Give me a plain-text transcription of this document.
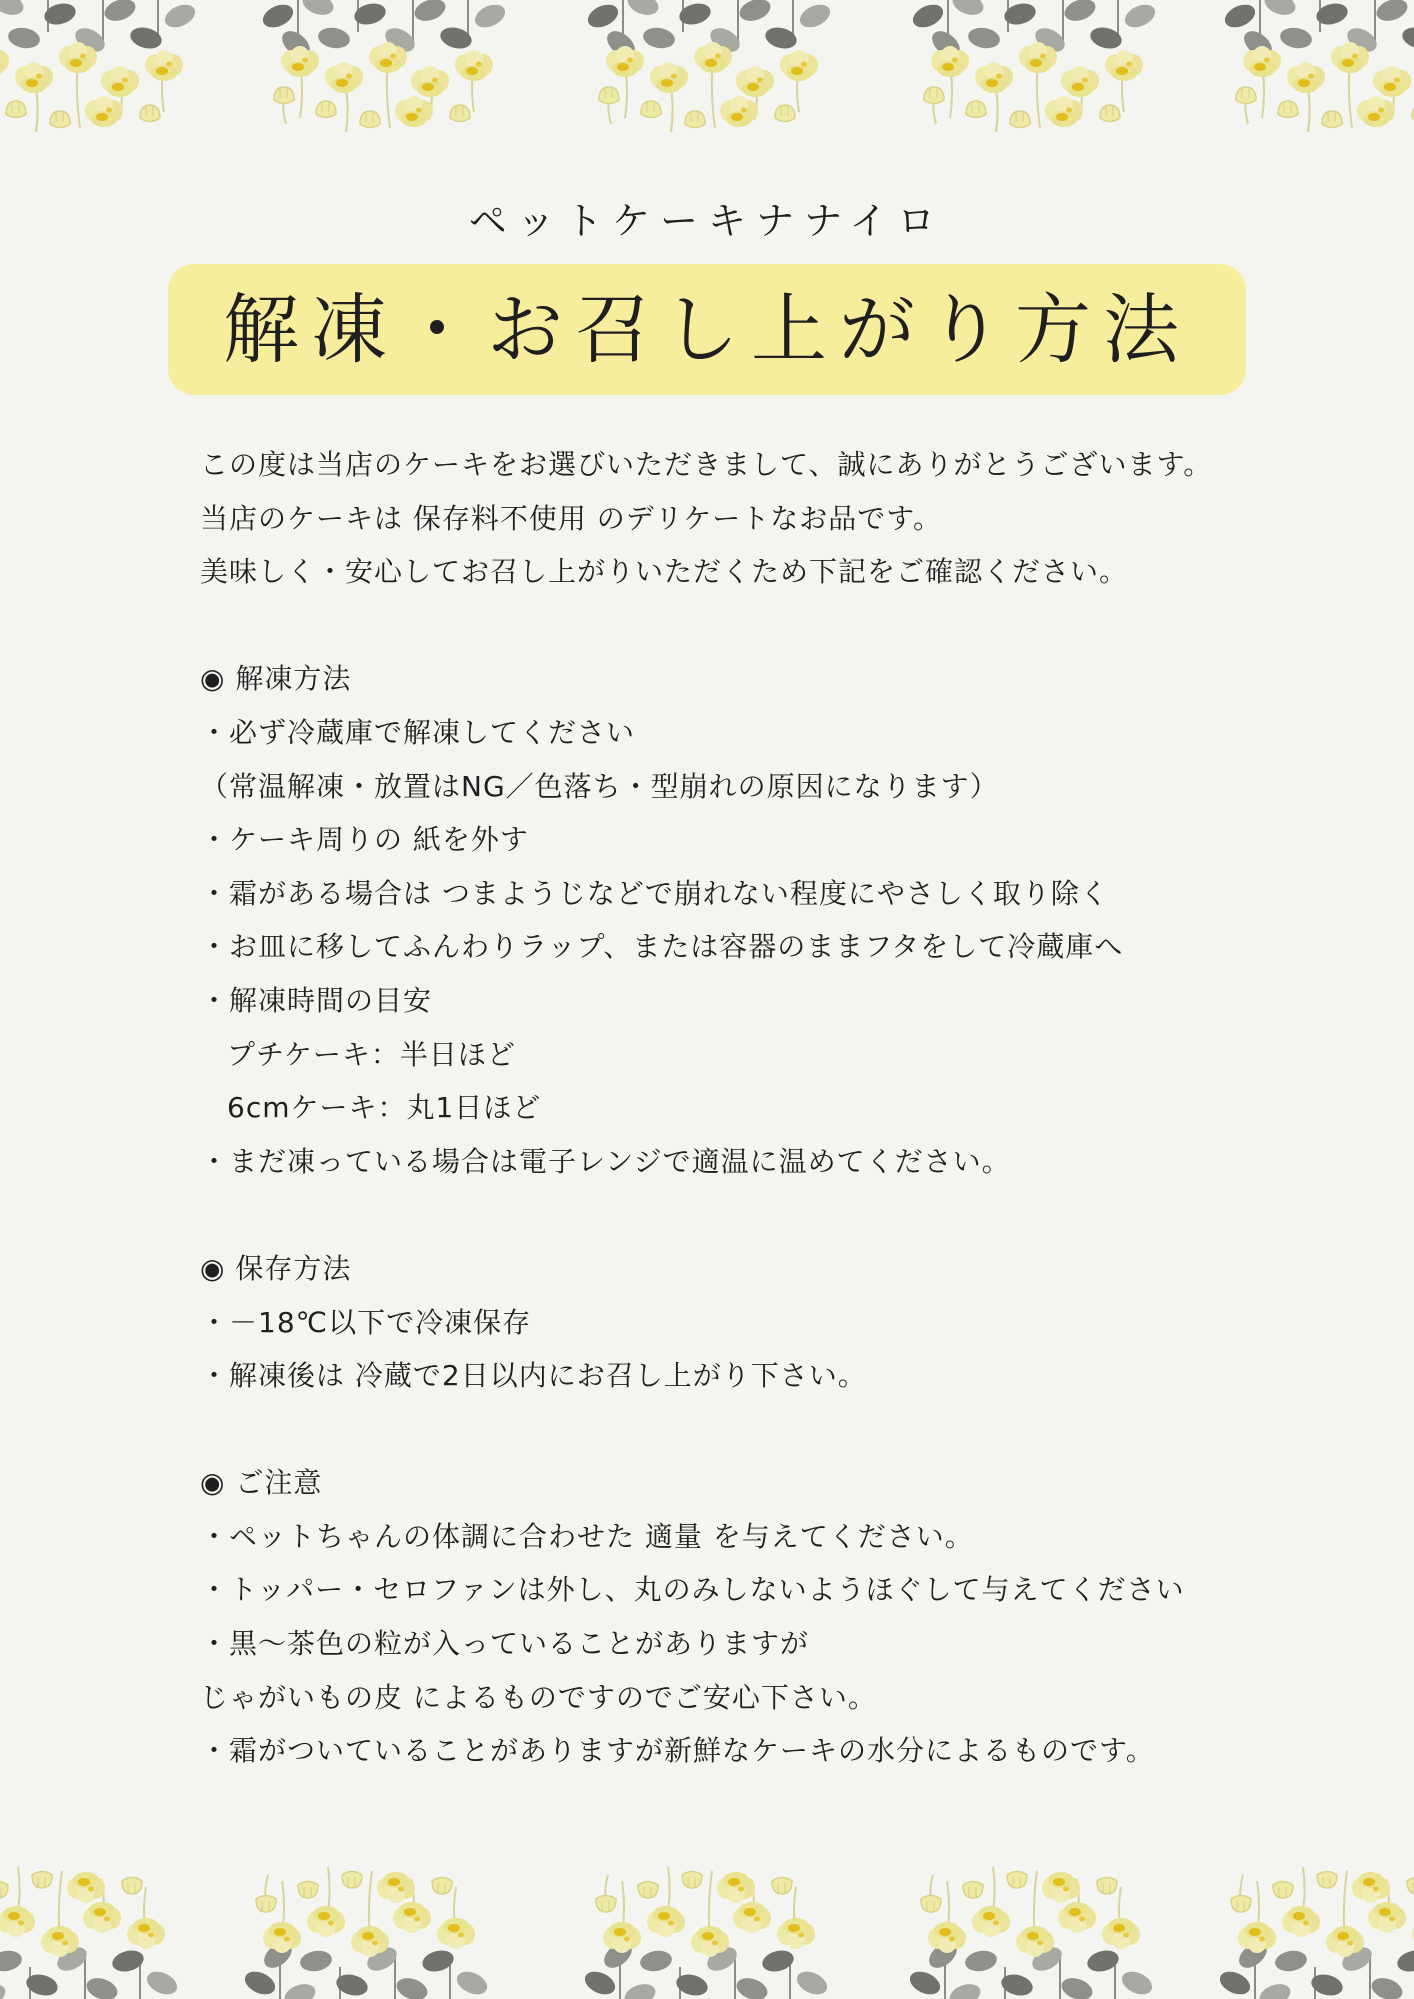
ペットケーキナナイロ

解凍・お召し上がり方法

この度は当店のケーキをお選びいただきまして、誠にありがとうございます。

当店のケーキは 保存料不使用 のデリケートなお品です。

美味しく・安心してお召し上がりいただくため下記をご確認ください。

◉ 解凍方法

・必ず冷蔵庫で解凍してください

（常温解凍・放置はNG／色落ち・型崩れの原因になります）

・ケーキ周りの 紙を外す

・霜がある場合は つまようじなどで崩れない程度にやさしく取り除く

・お皿に移してふんわりラップ、または容器のままフタをして冷蔵庫へ

・解凍時間の目安

プチケーキ：半日ほど

6cmケーキ：丸1日ほど

・まだ凍っている場合は電子レンジで適温に温めてください。

◉ 保存方法

・－18℃以下で冷凍保存

・解凍後は 冷蔵で2日以内にお召し上がり下さい。

◉ ご注意

・ペットちゃんの体調に合わせた 適量 を与えてください。

・トッパー・セロファンは外し、丸のみしないようほぐして与えてください

・黒～茶色の粒が入っていることがありますが

じゃがいもの皮 によるものですのでご安心下さい。

・霜がついていることがありますが新鮮なケーキの水分によるものです。
